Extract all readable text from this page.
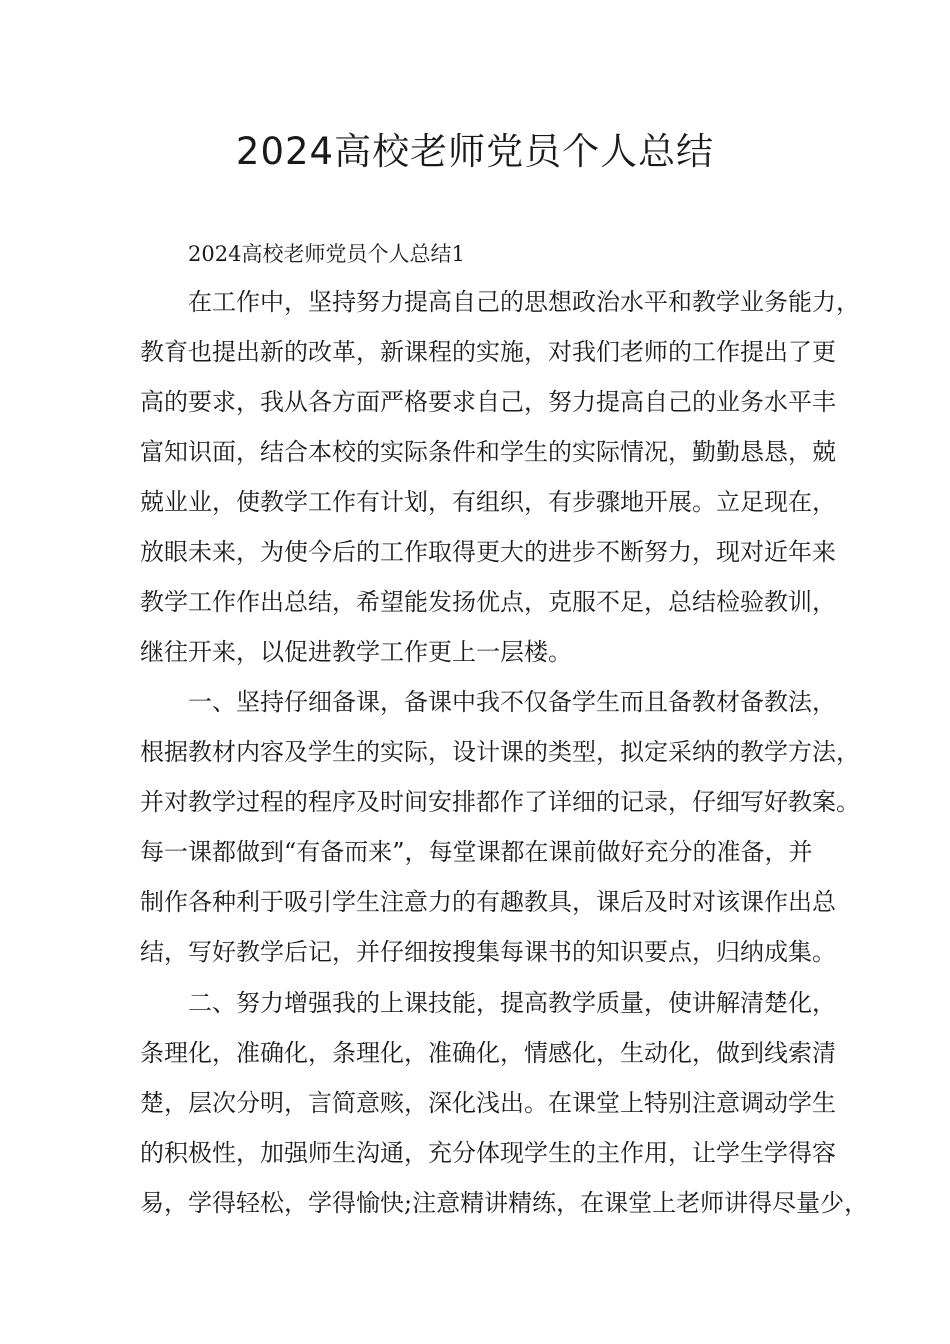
2024高校老师党员个人总结

2024高校老师党员个人总结1

在工作中，坚持努力提高自己的思想政治水平和教学业务能力，
教育也提出新的改革，新课程的实施，对我们老师的工作提出了更
高的要求，我从各方面严格要求自己，努力提高自己的业务水平丰
富知识面，结合本校的实际条件和学生的实际情况，勤勤恳恳，兢
兢业业，使教学工作有计划，有组织，有步骤地开展。立足现在，
放眼未来，为使今后的工作取得更大的进步不断努力，现对近年来
教学工作作出总结，希望能发扬优点，克服不足，总结检验教训，
继往开来，以促进教学工作更上一层楼。
一、坚持仔细备课，备课中我不仅备学生而且备教材备教法，
根据教材内容及学生的实际，设计课的类型，拟定采纳的教学方法，
并对教学过程的程序及时间安排都作了详细的记录，仔细写好教案。
每一课都做到“有备而来”，每堂课都在课前做好充分的准备，并
制作各种利于吸引学生注意力的有趣教具，课后及时对该课作出总
结，写好教学后记，并仔细按搜集每课书的知识要点，归纳成集。
二、努力增强我的上课技能，提高教学质量，使讲解清楚化，
条理化，准确化，条理化，准确化，情感化，生动化，做到线索清
楚，层次分明，言简意赅，深化浅出。在课堂上特别注意调动学生
的积极性，加强师生沟通，充分体现学生的主作用，让学生学得容
易，学得轻松，学得愉快;注意精讲精练，在课堂上老师讲得尽量少，
